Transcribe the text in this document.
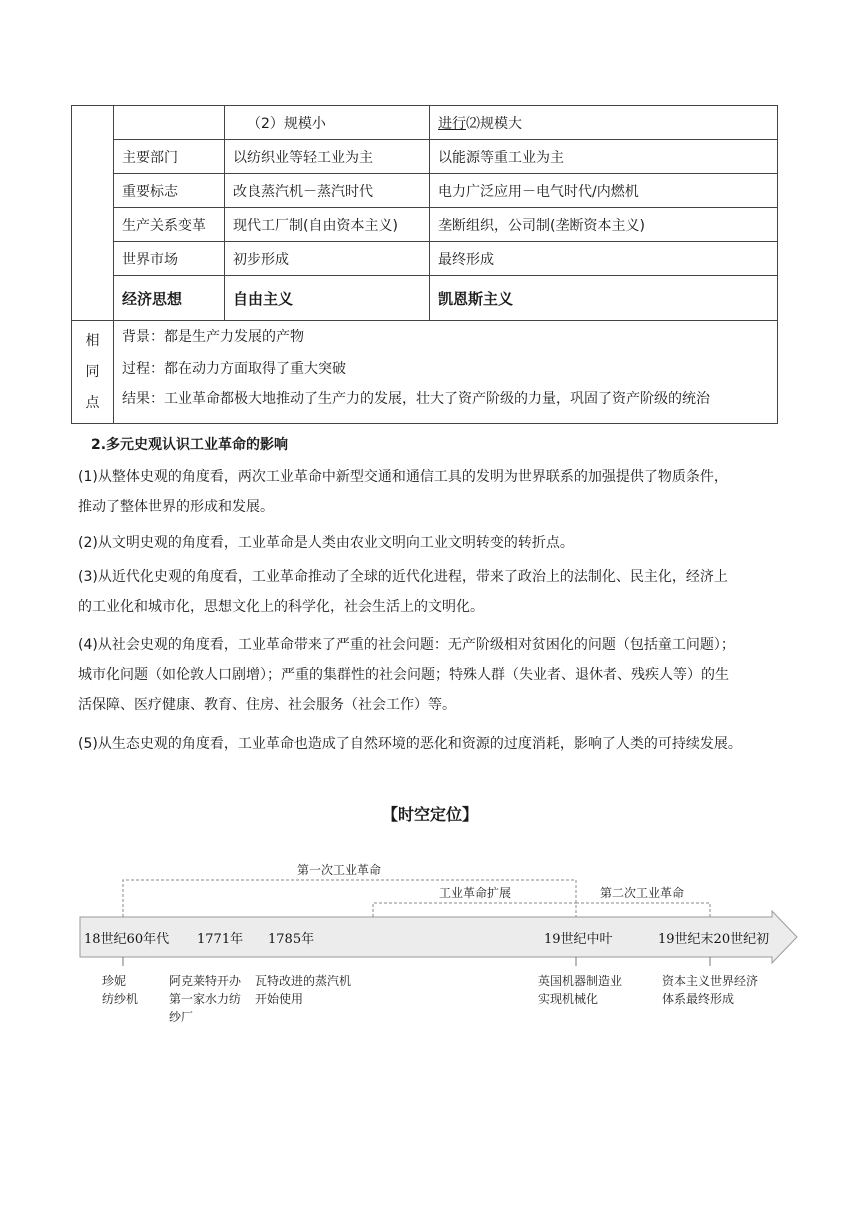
		（2）规模小	进行⑵规模大
	主要部门	以纺织业等轻工业为主	以能源等重工业为主
	重要标志	改良蒸汽机－蒸汽时代	电力广泛应用－电气时代/内燃机
	生产关系变革	现代工厂制(自由资本主义)	垄断组织，公司制(垄断资本主义)
	世界市场	初步形成	最终形成
	经济思想	自由主义	凯恩斯主义
相同点	背景：都是生产力发展的产物
过程：都在动力方面取得了重大突破
结果：工业革命都极大地推动了生产力的发展，壮大了资产阶级的力量，巩固了资产阶级的统治		
2.多元史观认识工业革命的影响
(1)从整体史观的角度看，两次工业革命中新型交通和通信工具的发明为世界联系的加强提供了物质条件，
推动了整体世界的形成和发展。
(2)从文明史观的角度看，工业革命是人类由农业文明向工业文明转变的转折点。
(3)从近代化史观的角度看，工业革命推动了全球的近代化进程，带来了政治上的法制化、民主化，经济上
的工业化和城市化，思想文化上的科学化，社会生活上的文明化。
(4)从社会史观的角度看，工业革命带来了严重的社会问题：无产阶级相对贫困化的问题（包括童工问题）；
城市化问题（如伦敦人口剧增）；严重的集群性的社会问题；特殊人群（失业者、退休者、残疾人等）的生
活保障、医疗健康、教育、住房、社会服务（社会工作）等。
(5)从生态史观的角度看，工业革命也造成了自然环境的恶化和资源的过度消耗，影响了人类的可持续发展。
【时空定位】
第一次工业革命
工业革命扩展	第二次工业革命
18世纪60年代 1771年 1785年	19世纪中叶	19世纪末20世纪初
珍妮
纺纱机
阿克莱特开办
第一家水力纺
纱厂
瓦特改进的蒸汽机
开始使用
英国机器制造业
实现机械化
资本主义世界经济
体系最终形成
